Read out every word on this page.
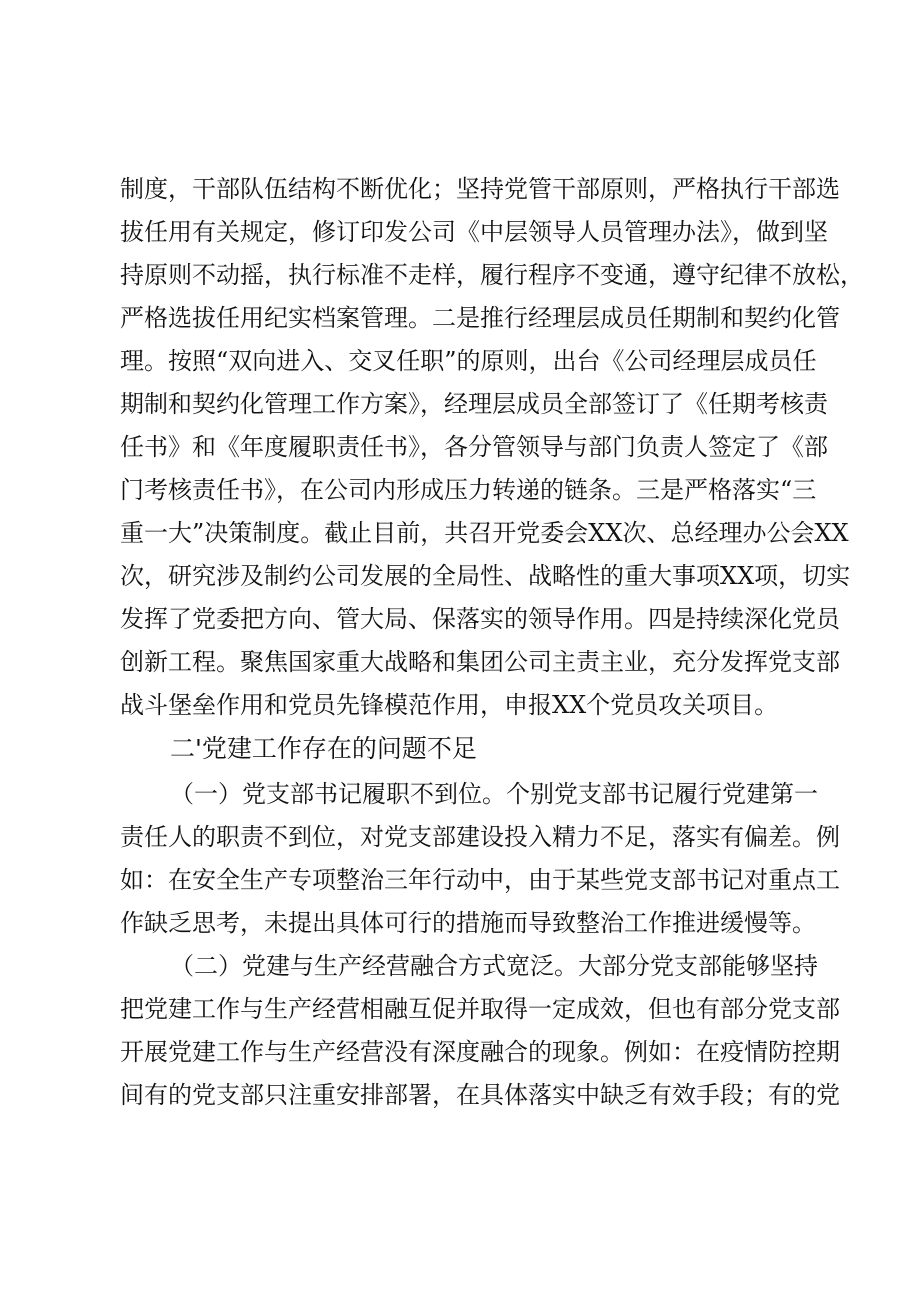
制度，干部队伍结构不断优化；坚持党管干部原则，严格执行干部选
拔任用有关规定，修订印发公司《中层领导人员管理办法》，做到坚
持原则不动摇，执行标准不走样，履行程序不变通，遵守纪律不放松，
严格选拔任用纪实档案管理。二是推行经理层成员任期制和契约化管
理。按照“双向进入、交叉任职”的原则，出台《公司经理层成员任
期制和契约化管理工作方案》，经理层成员全部签订了《任期考核责
任书》和《年度履职责任书》，各分管领导与部门负责人签定了《部
门考核责任书》，在公司内形成压力转递的链条。三是严格落实“三
重一大”决策制度。截止目前，共召开党委会XX次、总经理办公会XX
次，研究涉及制约公司发展的全局性、战略性的重大事项XX项，切实
发挥了党委把方向、管大局、保落实的领导作用。四是持续深化党员
创新工程。聚焦国家重大战略和集团公司主责主业，充分发挥党支部
战斗堡垒作用和党员先锋模范作用，申报XX个党员攻关项目。
二'党建工作存在的问题不足
（一）党支部书记履职不到位。个别党支部书记履行党建第一
责任人的职责不到位，对党支部建设投入精力不足，落实有偏差。例
如：在安全生产专项整治三年行动中，由于某些党支部书记对重点工
作缺乏思考，未提出具体可行的措施而导致整治工作推进缓慢等。
（二）党建与生产经营融合方式宽泛。大部分党支部能够坚持
把党建工作与生产经营相融互促并取得一定成效，但也有部分党支部
开展党建工作与生产经营没有深度融合的现象。例如：在疫情防控期
间有的党支部只注重安排部署，在具体落实中缺乏有效手段；有的党
